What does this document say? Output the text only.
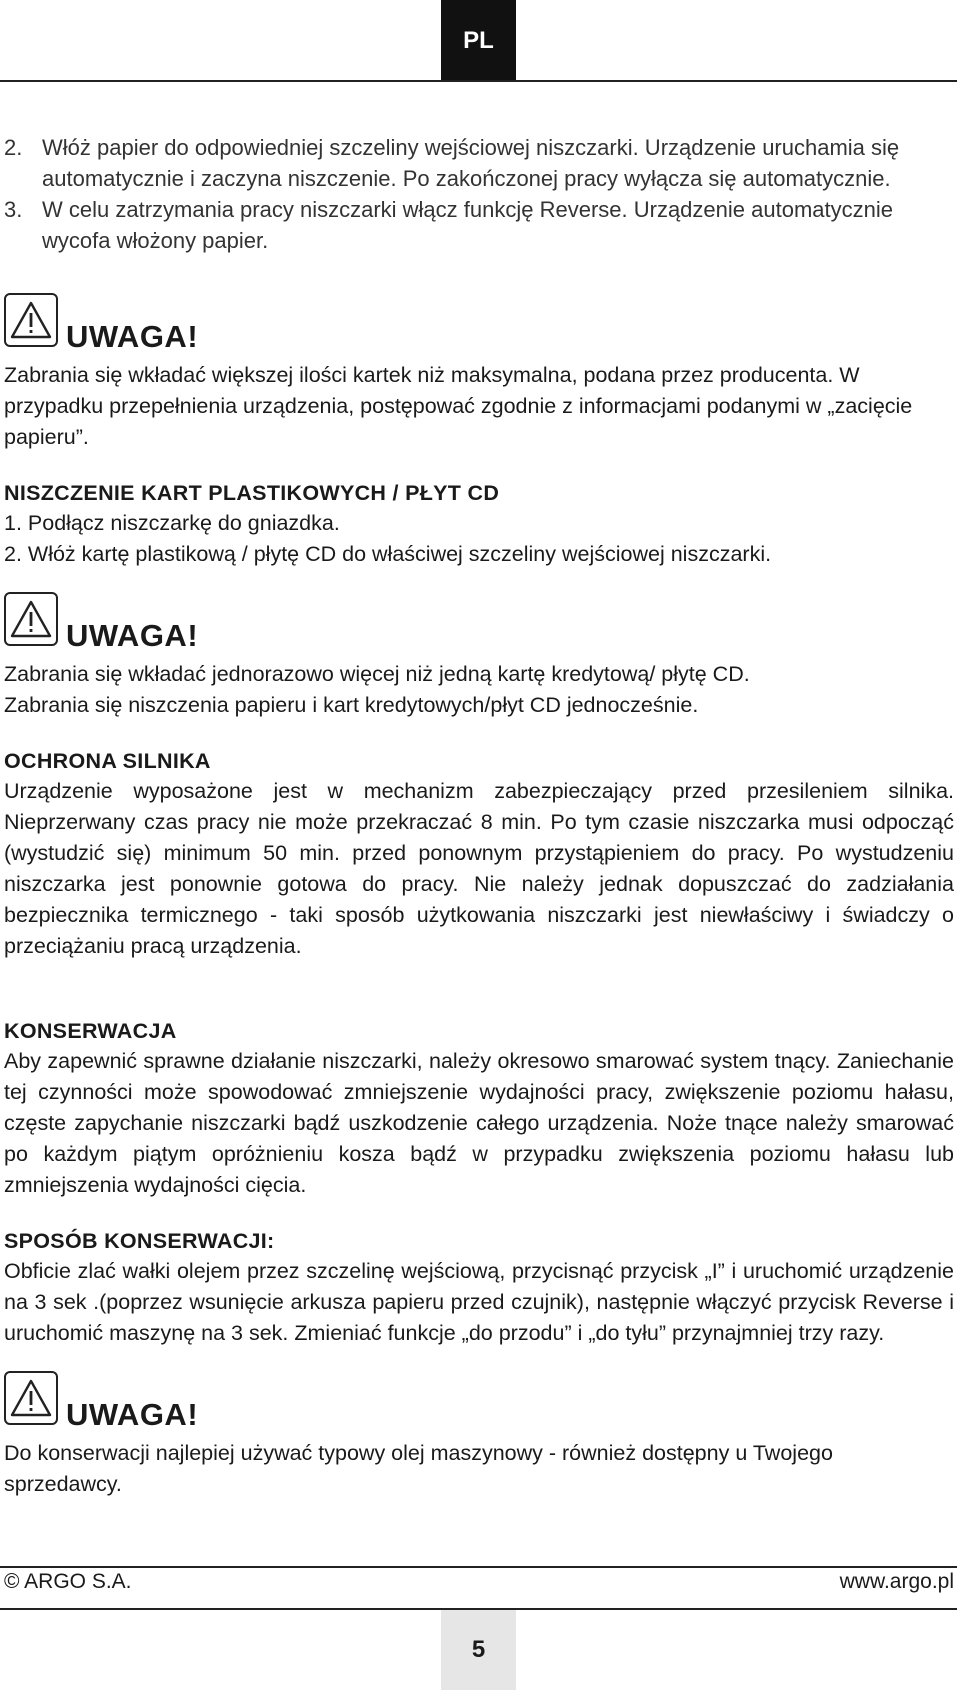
PL
2. Włóż papier do odpowiedniej szczeliny wejściowej niszczarki. Urządzenie uruchamia się automatycznie i zaczyna niszczenie. Po zakończonej pracy wyłącza się automatycznie.
3. W celu zatrzymania pracy niszczarki włącz funkcję Reverse. Urządzenie automatycznie wycofa włożony papier.
UWAGA!

Zabrania się wkładać większej ilości kartek niż maksymalna, podana przez producenta. W przypadku przepełnienia urządzenia, postępować zgodnie z informacjami podanymi w „zacięcie papieru”.

NISZCZENIE KART PLASTIKOWYCH / PŁYT CD

1. Podłącz niszczarkę do gniazdka.

2. Włóż kartę plastikową / płytę CD do właściwej szczeliny wejściowej niszczarki.

UWAGA!

Zabrania się wkładać jednorazowo więcej niż jedną kartę kredytową/ płytę CD.

Zabrania się niszczenia papieru i kart kredytowych/płyt CD jednocześnie.

OCHRONA SILNIKA

Urządzenie wyposażone jest w mechanizm zabezpieczający przed przesileniem silnika. Nieprzerwany czas pracy nie może przekraczać 8 min. Po tym czasie niszczarka musi odpocząć (wystudzić się) minimum 50 min. przed ponownym przystąpieniem do pracy. Po wystudzeniu niszczarka jest ponownie gotowa do pracy. Nie należy jednak dopuszczać do zadziałania bezpiecznika termicznego - taki sposób użytkowania niszczarki jest niewłaściwy i świadczy o przeciążaniu pracą urządzenia.

KONSERWACJA

Aby zapewnić sprawne działanie niszczarki, należy okresowo smarować system tnący. Zaniechanie tej czynności może spowodować zmniejszenie wydajności pracy, zwiększenie poziomu hałasu, częste zapychanie niszczarki bądź uszkodzenie całego urządzenia. Noże tnące należy smarować po każdym piątym opróżnieniu kosza bądź w przypadku zwiększenia poziomu hałasu lub zmniejszenia wydajności cięcia.

SPOSÓB KONSERWACJI:

Obficie zlać wałki olejem przez szczelinę wejściową, przycisnąć przycisk „I” i uruchomić urządzenie na 3 sek .(poprzez wsunięcie arkusza papieru przed czujnik), następnie włączyć przycisk Reverse i uruchomić maszynę na 3 sek. Zmieniać funkcje „do przodu” i „do tyłu” przynajmniej trzy razy.

UWAGA!

Do konserwacji najlepiej używać typowy olej maszynowy - również dostępny u Twojego sprzedawcy.

© ARGO S.A.	www.argo.pl
5
